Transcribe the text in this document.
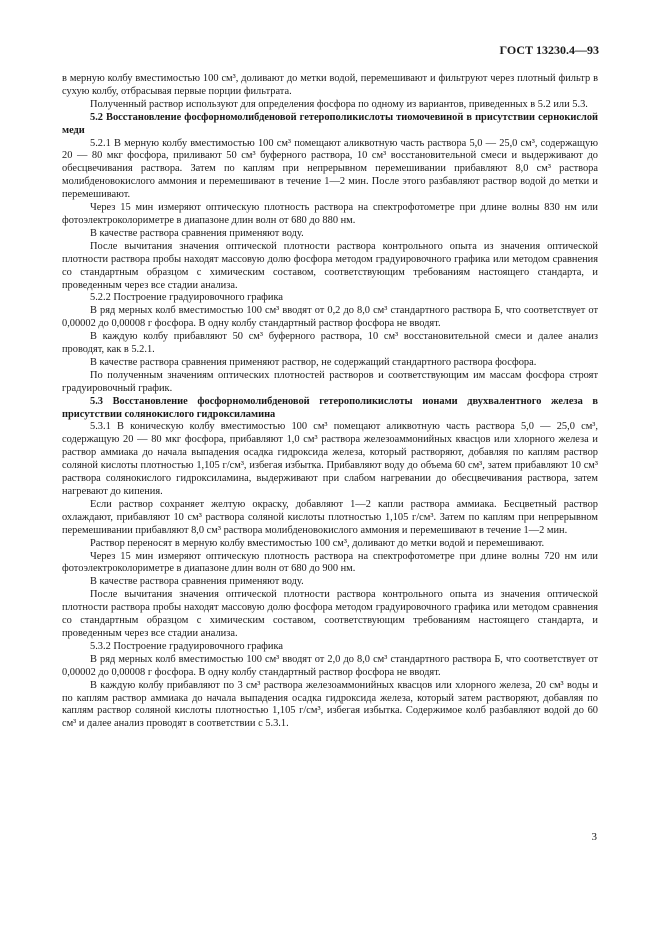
ГОСТ 13230.4—93

в мерную колбу вместимостью 100 см³, доливают до метки водой, перемешивают и фильтруют через плотный фильтр в сухую колбу, отбрасывая первые порции фильтрата.

Полученный раствор используют для определения фосфора по одному из вариантов, приведенных в 5.2 или 5.3.

5.2 Восстановление фосфорномолибденовой гетерополикислоты тиомочевиной в присутствии сернокислой меди

5.2.1 В мерную колбу вместимостью 100 см³ помещают аликвотную часть раствора 5,0 — 25,0 см³, содержащую 20 — 80 мкг фосфора, приливают 50 см³ буферного раствора, 10 см³ восстановительной смеси и выдерживают до обесцвечивания раствора. Затем по каплям при непрерывном перемешивании прибавляют 8,0 см³ раствора молибденовокислого аммония и перемешивают в течение 1—2 мин. После этого разбавляют раствор водой до метки и перемешивают.

Через 15 мин измеряют оптическую плотность раствора на спектрофотометре при длине волны 830 нм или фотоэлектроколориметре в диапазоне длин волн от 680 до 880 нм.

В качестве раствора сравнения применяют воду.

После вычитания значения оптической плотности раствора контрольного опыта из значения оптической плотности раствора пробы находят массовую долю фосфора методом градуировочного графика или методом сравнения со стандартным образцом с химическим составом, соответствующим требованиям настоящего стандарта, и проведенным через все стадии анализа.

5.2.2 Построение градуировочного графика

В ряд мерных колб вместимостью 100 см³ вводят от 0,2 до 8,0 см³ стандартного раствора Б, что соответствует от 0,00002 до 0,00008 г фосфора. В одну колбу стандартный раствор фосфора не вводят.

В каждую колбу прибавляют 50 см³ буферного раствора, 10 см³ восстановительной смеси и далее анализ проводят, как в 5.2.1.

В качестве раствора сравнения применяют раствор, не содержащий стандартного раствора фосфора.

По полученным значениям оптических плотностей растворов и соответствующим им массам фосфора строят градуировочный график.

5.3 Восстановление фосфорномолибденовой гетерополикислоты ионами двухвалентного железа в присутствии солянокислого гидроксиламина

5.3.1 В коническую колбу вместимостью 100 см³ помещают аликвотную часть раствора 5,0 — 25,0 см³, содержащую 20 — 80 мкг фосфора, прибавляют 1,0 см³ раствора железоаммонийных квасцов или хлорного железа и раствор аммиака до начала выпадения осадка гидроксида железа, который растворяют, добавляя по каплям раствор соляной кислоты плотностью 1,105 г/см³, избегая избытка. Прибавляют воду до объема 60 см³, затем прибавляют 10 см³ раствора солянокислого гидроксиламина, выдерживают при слабом нагревании до обесцвечивания раствора, затем нагревают до кипения.

Если раствор сохраняет желтую окраску, добавляют 1—2 капли раствора аммиака. Бесцветный раствор охлаждают, прибавляют 10 см³ раствора соляной кислоты плотностью 1,105 г/см³. Затем по каплям при непрерывном перемешивании прибавляют 8,0 см³ раствора молибденовокислого аммония и перемешивают в течение 1—2 мин.

Раствор переносят в мерную колбу вместимостью 100 см³, доливают до метки водой и перемешивают.

Через 15 мин измеряют оптическую плотность раствора на спектрофотометре при длине волны 720 нм или фотоэлектроколориметре в диапазоне длин волн от 680 до 900 нм.

В качестве раствора сравнения применяют воду.

После вычитания значения оптической плотности раствора контрольного опыта из значения оптической плотности раствора пробы находят массовую долю фосфора методом градуировочного графика или методом сравнения со стандартным образцом с химическим составом, соответствующим требованиям настоящего стандарта, и проведенным через все стадии анализа.

5.3.2 Построение градуировочного графика

В ряд мерных колб вместимостью 100 см³ вводят от 2,0 до 8,0 см³ стандартного раствора Б, что соответствует от 0,00002 до 0,00008 г фосфора. В одну колбу стандартный раствор фосфора не вводят.

В каждую колбу прибавляют по 3 см³ раствора железоаммонийных квасцов или хлорного железа, 20 см³ воды и по каплям раствор аммиака до начала выпадения осадка гидроксида железа, который затем растворяют, добавляя по каплям раствор соляной кислоты плотностью 1,105 г/см³, избегая избытка. Содержимое колб разбавляют водой до 60 см³ и далее анализ проводят в соответствии с 5.3.1.

3
